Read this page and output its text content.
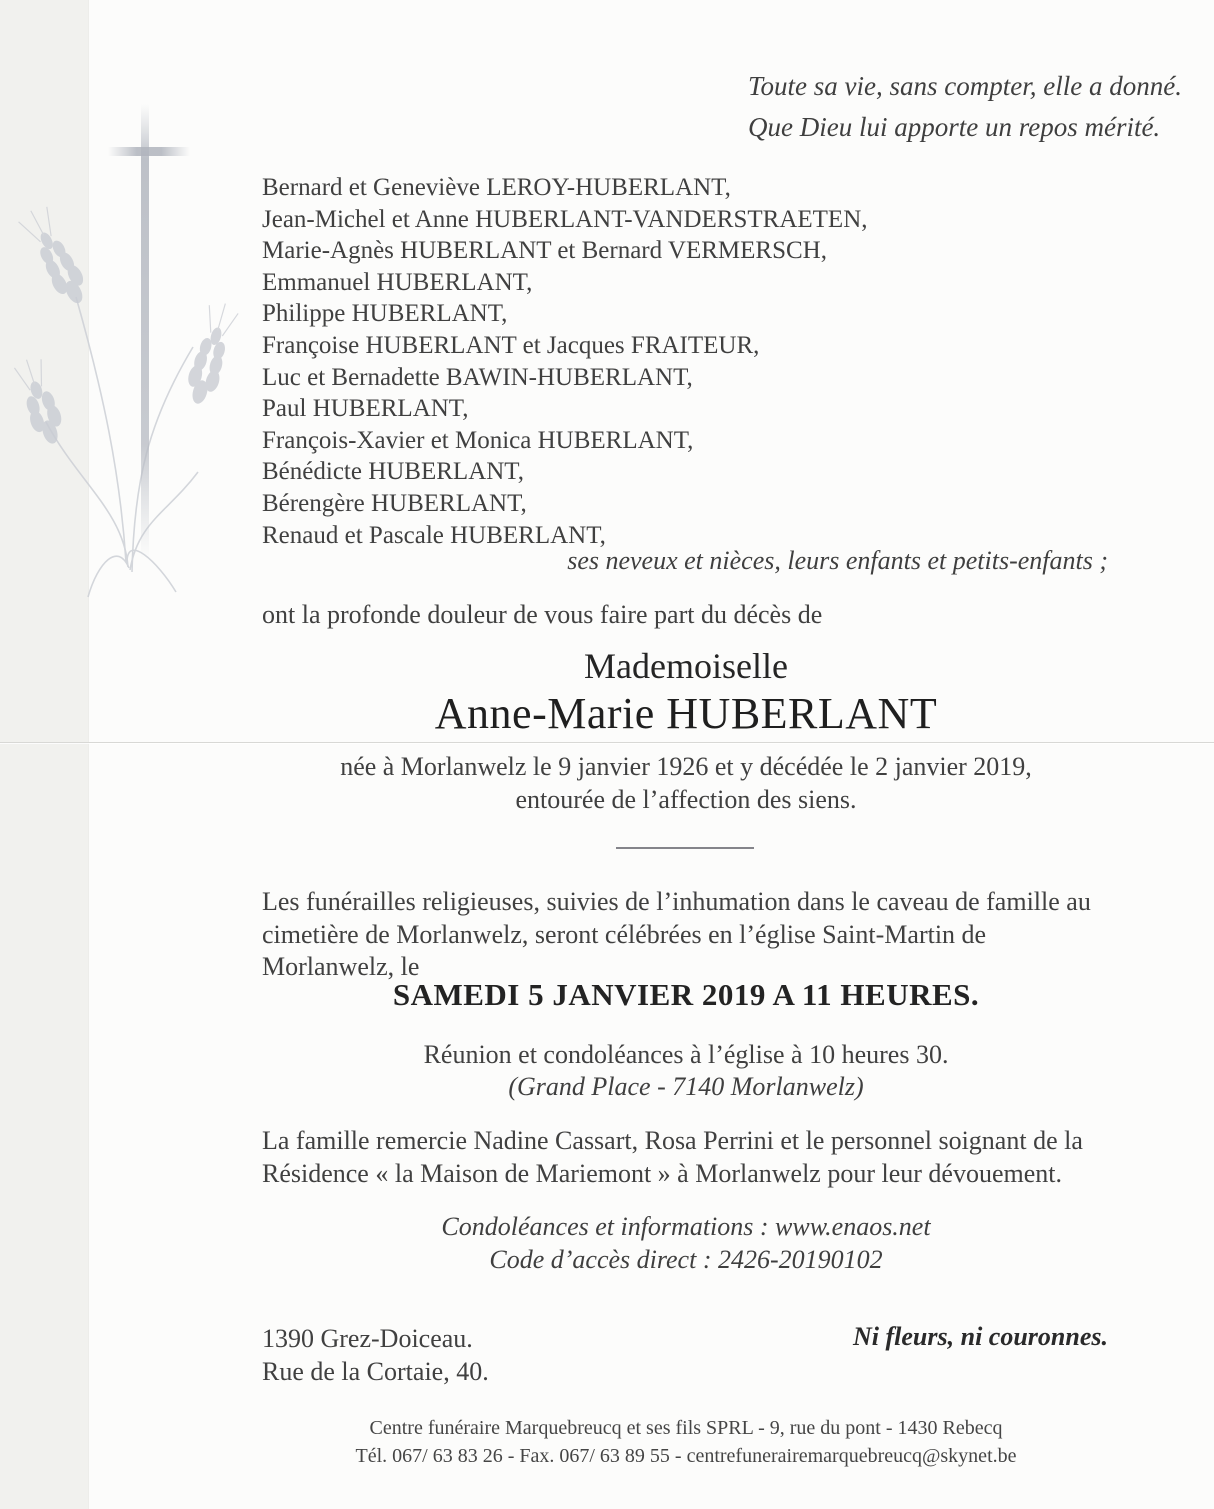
Toute sa vie, sans compter, elle a donné.
Que Dieu lui apporte un repos mérité.
Bernard et Geneviève LEROY-HUBERLANT,
Jean-Michel et Anne HUBERLANT-VANDERSTRAETEN,
Marie-Agnès HUBERLANT et Bernard VERMERSCH,
Emmanuel HUBERLANT,
Philippe HUBERLANT,
Françoise HUBERLANT et Jacques FRAITEUR,
Luc et Bernadette BAWIN-HUBERLANT,
Paul HUBERLANT,
François-Xavier et Monica HUBERLANT,
Bénédicte HUBERLANT,
Bérengère HUBERLANT,
Renaud et Pascale HUBERLANT,
ses neveux et nièces, leurs enfants et petits-enfants ;
ont la profonde douleur de vous faire part du décès de
Mademoiselle
Anne-Marie HUBERLANT
née à Morlanwelz le 9 janvier 1926 et y décédée le 2 janvier 2019,
entourée de l’affection des siens.
Les funérailles religieuses, suivies de l’inhumation dans le caveau de famille au cimetière de Morlanwelz, seront célébrées en l’église Saint-Martin de Morlanwelz, le
SAMEDI 5 JANVIER 2019 A 11 HEURES.
Réunion et condoléances à l’église à 10 heures 30.
(Grand Place - 7140 Morlanwelz)
La famille remercie Nadine Cassart, Rosa Perrini et le personnel soignant de la Résidence « la Maison de Mariemont » à Morlanwelz pour leur dévouement.
Condoléances et informations : www.enaos.net
Code d’accès direct : 2426-20190102
1390 Grez-Doiceau.
Rue de la Cortaie, 40.
Ni fleurs, ni couronnes.
Centre funéraire Marquebreucq et ses fils SPRL - 9, rue du pont - 1430 Rebecq
Tél. 067/ 63 83 26 - Fax. 067/ 63 89 55 - centrefunerairemarquebreucq@skynet.be
